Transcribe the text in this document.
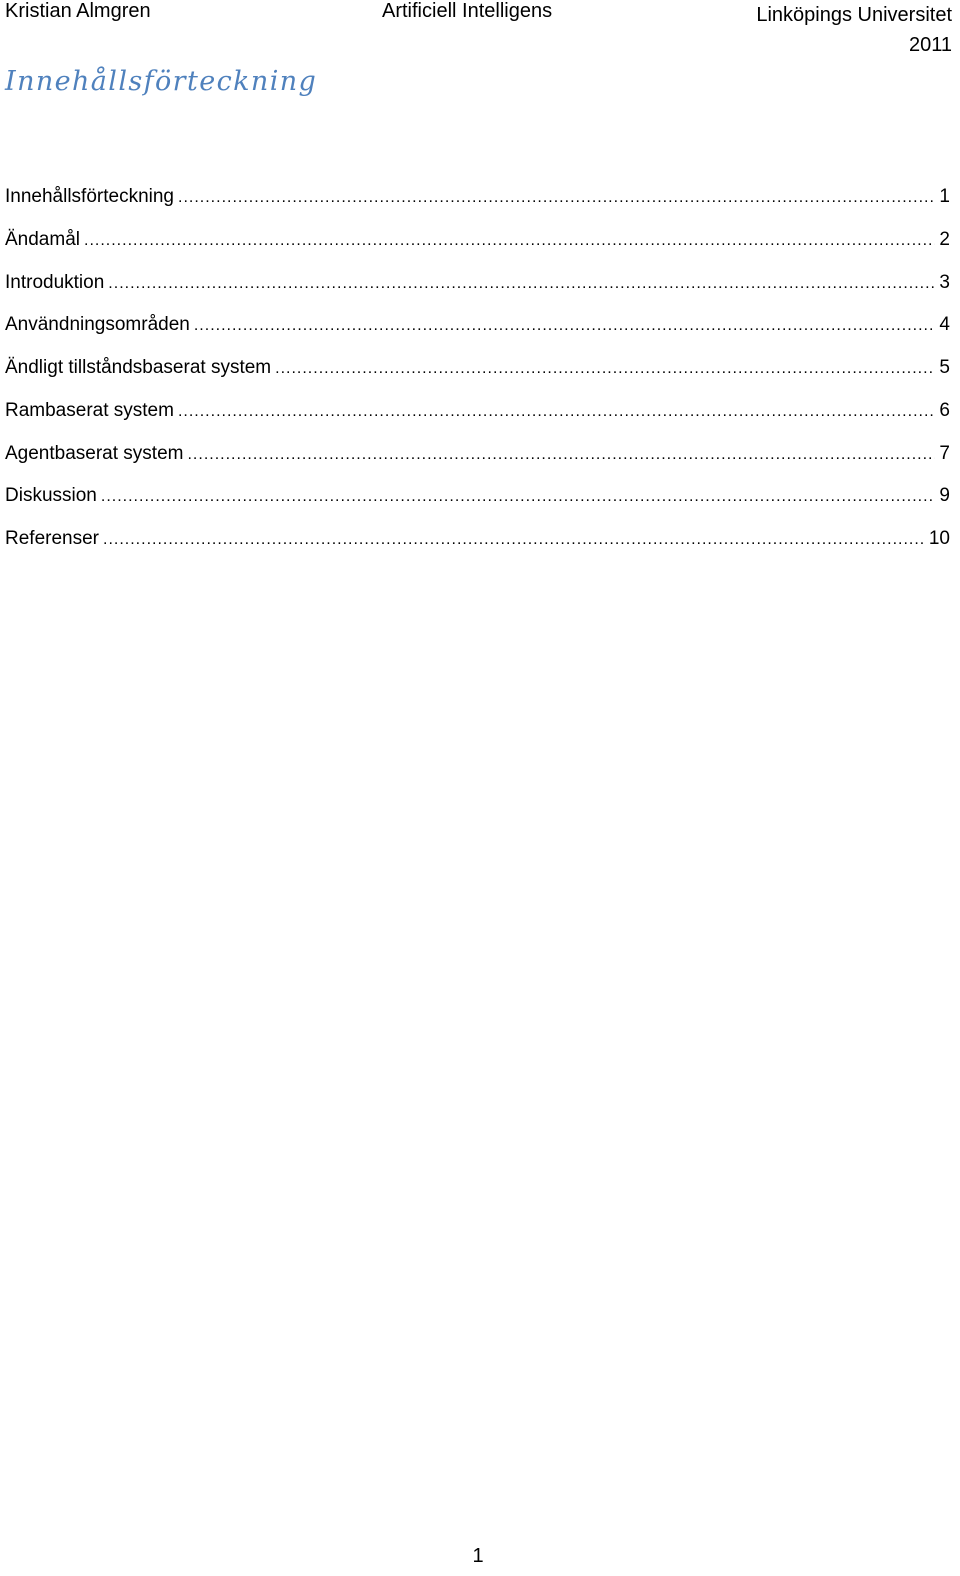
Kristian Almgren	Artificiell Intelligens	Linköpings Universitet
2011
Innehållsförteckning
Innehållsförteckning .....	1
Ändamål .....	2
Introduktion .....	3
Användningsområden .....	4
Ändligt tillståndsbaserat system .....	5
Rambaserat system .....	6
Agentbaserat system .....	7
Diskussion .....	9
Referenser .....	10
1
